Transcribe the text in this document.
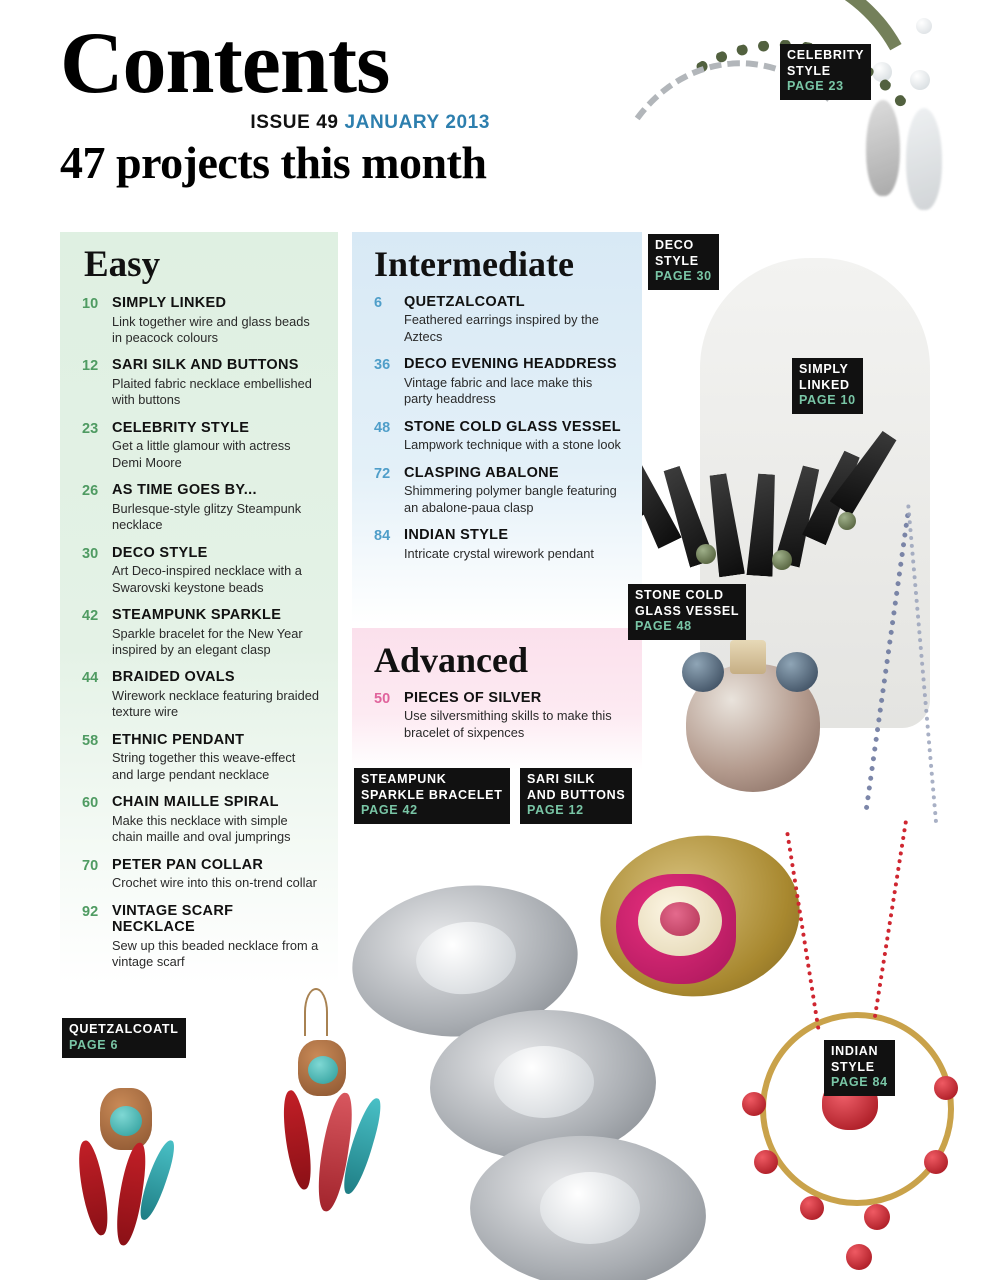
Contents
ISSUE 49 JANUARY 2013
47 projects this month
Easy
10 SIMPLY LINKED
Link together wire and glass beads in peacock colours
12 SARI SILK AND BUTTONS
Plaited fabric necklace embellished with buttons
23 CELEBRITY STYLE
Get a little glamour with actress Demi Moore
26 AS TIME GOES BY...
Burlesque-style glitzy Steampunk necklace
30 DECO STYLE
Art Deco-inspired necklace with a Swarovski keystone beads
42 STEAMPUNK SPARKLE
Sparkle bracelet for the New Year inspired by an elegant clasp
44 BRAIDED OVALS
Wirework necklace featuring braided texture wire
58 ETHNIC PENDANT
String together this weave-effect and large pendant necklace
60 CHAIN MAILLE SPIRAL
Make this necklace with simple chain maille and oval jumprings
70 PETER PAN COLLAR
Crochet wire into this on-trend collar
92 VINTAGE SCARF NECKLACE
Sew up this beaded necklace from a vintage scarf
Intermediate
6	QUETZALCOATL
Feathered earrings inspired by the Aztecs
36 DECO EVENING HEADDRESS
Vintage fabric and lace make this party headdress
48 STONE COLD GLASS VESSEL
Lampwork technique with a stone look
72 CLASPING ABALONE
Shimmering polymer bangle featuring an abalone-paua clasp
84 INDIAN STYLE
Intricate crystal wirework pendant
Advanced
50 PIECES OF SILVER
Use silversmithing skills to make this bracelet of sixpences
CELEBRITY
STYLE
PAGE 23
DECO
STYLE
PAGE 30
SIMPLY
LINKED
PAGE 10
STONE COLD
GLASS VESSEL
PAGE 48
STEAMPUNK
SPARKLE BRACELET
PAGE 42
SARI SILK
AND BUTTONS
PAGE 12
INDIAN
STYLE
PAGE 84
QUETZALCOATL
PAGE 6
